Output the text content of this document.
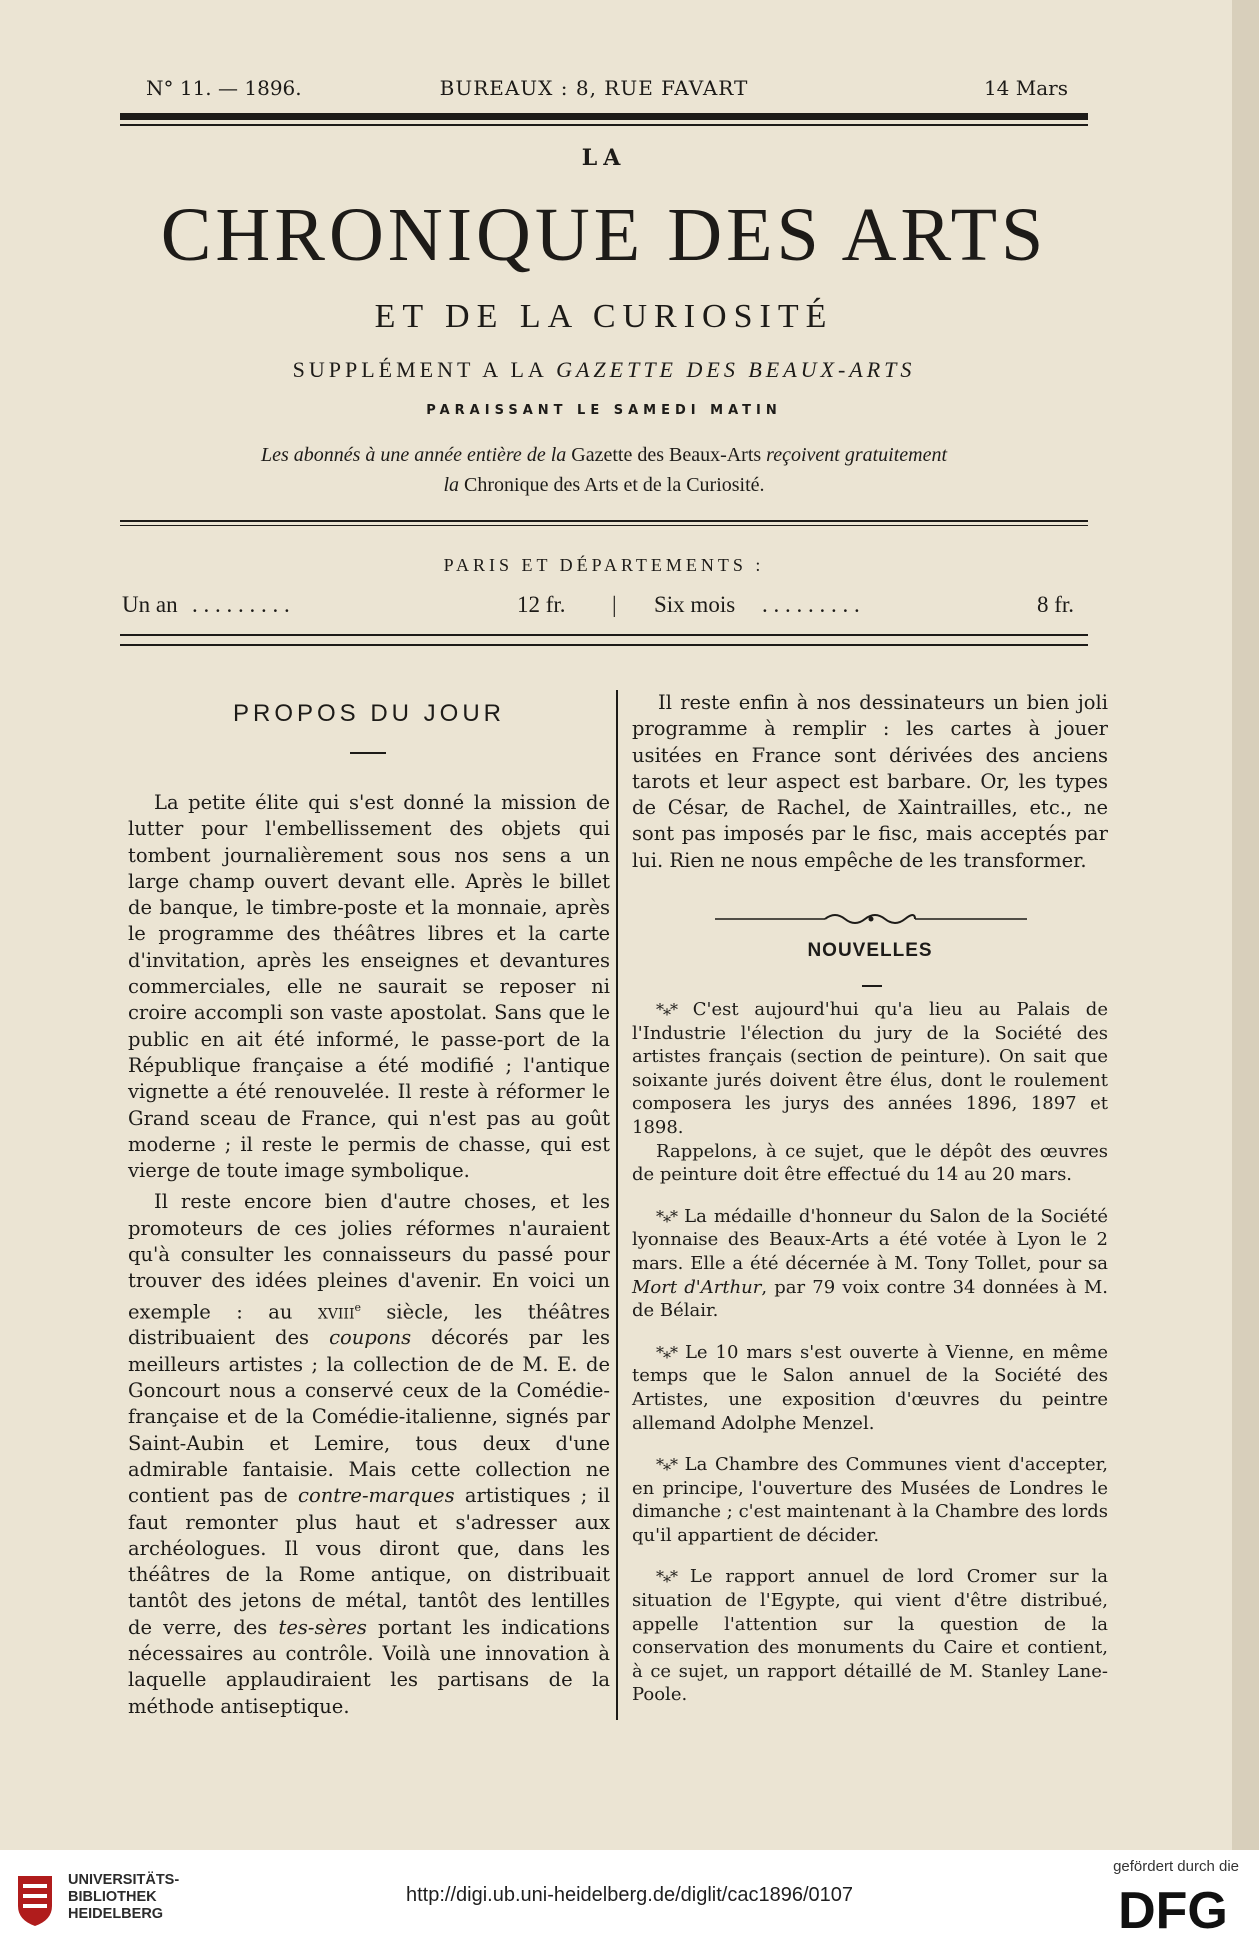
N° 11. — 1896.	BUREAUX : 8, RUE FAVART	14 Mars
LA
CHRONIQUE DES ARTS
ET DE LA CURIOSITÉ
SUPPLÉMENT A LA GAZETTE DES BEAUX-ARTS
PARAISSANT LE SAMEDI MATIN
Les abonnés à une année entière de la Gazette des Beaux-Arts reçoivent gratuitement
la Chronique des Arts et de la Curiosité.
PARIS ET DÉPARTEMENTS :
Un an . . . . . . . . .	12 fr. | Six mois . . . . . . . . .	8 fr.
PROPOS DU JOUR

La petite élite qui s'est donné la mission de lutter pour l'embellissement des objets qui tombent journalièrement sous nos sens a un large champ ouvert devant elle. Après le billet de banque, le timbre-poste et la monnaie, après le programme des théâtres libres et la carte d'invitation, après les enseignes et devantures commerciales, elle ne saurait se reposer ni croire accompli son vaste apostolat. Sans que le public en ait été informé, le passe-port de la République française a été modifié ; l'antique vignette a été renouvelée. Il reste à réformer le Grand sceau de France, qui n'est pas au goût moderne ; il reste le permis de chasse, qui est vierge de toute image symbolique.

Il reste encore bien d'autre choses, et les promoteurs de ces jolies réformes n'auraient qu'à consulter les connaisseurs du passé pour trouver des idées pleines d'avenir. En voici un exemple : au xviii$^e$ siècle, les théâtres distribuaient des coupons décorés par les meilleurs artistes ; la collection de de M. E. de Goncourt nous a conservé ceux de la Comédie-française et de la Comédie-italienne, signés par Saint-Aubin et Lemire, tous deux d'une admirable fantaisie. Mais cette collection ne contient pas de contre-marques artistiques ; il faut remonter plus haut et s'adresser aux archéologues. Il vous diront que, dans les théâtres de la Rome antique, on distribuait tantôt des jetons de métal, tantôt des lentilles de verre, des tes-sères portant les indications nécessaires au contrôle. Voilà une innovation à laquelle applaudiraient les partisans de la méthode antiseptique.

Il reste enfin à nos dessinateurs un bien joli programme à remplir : les cartes à jouer usitées en France sont dérivées des anciens tarots et leur aspect est barbare. Or, les types de César, de Rachel, de Xaintrailles, etc., ne sont pas imposés par le fisc, mais acceptés par lui. Rien ne nous empêche de les transformer.

NOUVELLES

*⁎* C'est aujourd'hui qu'a lieu au Palais de l'Industrie l'élection du jury de la Société des artistes français (section de peinture). On sait que soixante jurés doivent être élus, dont le roulement composera les jurys des années 1896, 1897 et 1898.

Rappelons, à ce sujet, que le dépôt des œuvres de peinture doit être effectué du 14 au 20 mars.

*⁎* La médaille d'honneur du Salon de la Société lyonnaise des Beaux-Arts a été votée à Lyon le 2 mars. Elle a été décernée à M. Tony Tollet, pour sa Mort d'Arthur, par 79 voix contre 34 données à M. de Bélair.

*⁎* Le 10 mars s'est ouverte à Vienne, en même temps que le Salon annuel de la Société des Artistes, une exposition d'œuvres du peintre allemand Adolphe Menzel.

*⁎* La Chambre des Communes vient d'accepter, en principe, l'ouverture des Musées de Londres le dimanche ; c'est maintenant à la Chambre des lords qu'il appartient de décider.

*⁎* Le rapport annuel de lord Cromer sur la situation de l'Egypte, qui vient d'être distribué, appelle l'attention sur la question de la conservation des monuments du Caire et contient, à ce sujet, un rapport détaillé de M. Stanley Lane-Poole.

UNIVERSITÄTS-
BIBLIOTHEK
HEIDELBERG
http://digi.ub.uni-heidelberg.de/diglit/cac1896/0107
gefördert durch die
DFG
